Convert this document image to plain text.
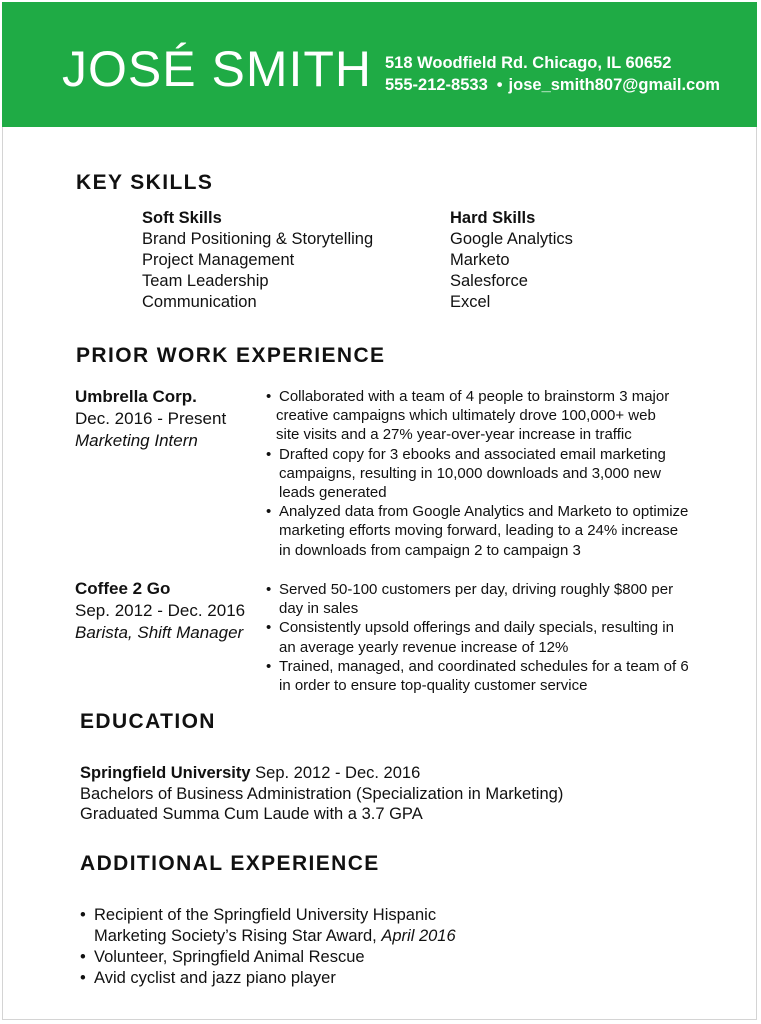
JOSÉ SMITH 518 Woodfield Rd. Chicago, IL 60652
555-212-8533 • jose_smith807@gmail.com
KEY SKILLS
Soft Skills
Brand Positioning & Storytelling
Project Management
Team Leadership
Communication
Hard Skills
Google Analytics
Marketo
Salesforce
Excel
PRIOR WORK EXPERIENCE
Umbrella Corp.
Dec. 2016 - Present
Marketing Intern
• Collaborated with a team of 4 people to brainstorm 3 major
creative campaigns which ultimately drove 100,000+ web
site visits and a 27% year-over-year increase in traffic
• Drafted copy for 3 ebooks and associated email marketing
campaigns, resulting in 10,000 downloads and 3,000 new
leads generated
• Analyzed data from Google Analytics and Marketo to optimize
marketing efforts moving forward, leading to a 24% increase
in downloads from campaign 2 to campaign 3
Coffee 2 Go
Sep. 2012 - Dec. 2016
Barista, Shift Manager
• Served 50-100 customers per day, driving roughly $800 per
day in sales
• Consistently upsold offerings and daily specials, resulting in
an average yearly revenue increase of 12%
• Trained, managed, and coordinated schedules for a team of 6
in order to ensure top-quality customer service
EDUCATION
Springfield University Sep. 2012 - Dec. 2016
Bachelors of Business Administration (Specialization in Marketing)
Graduated Summa Cum Laude with a 3.7 GPA
ADDITIONAL EXPERIENCE
• Recipient of the Springfield University Hispanic
Marketing Society’s Rising Star Award, April 2016
• Volunteer, Springfield Animal Rescue
• Avid cyclist and jazz piano player
